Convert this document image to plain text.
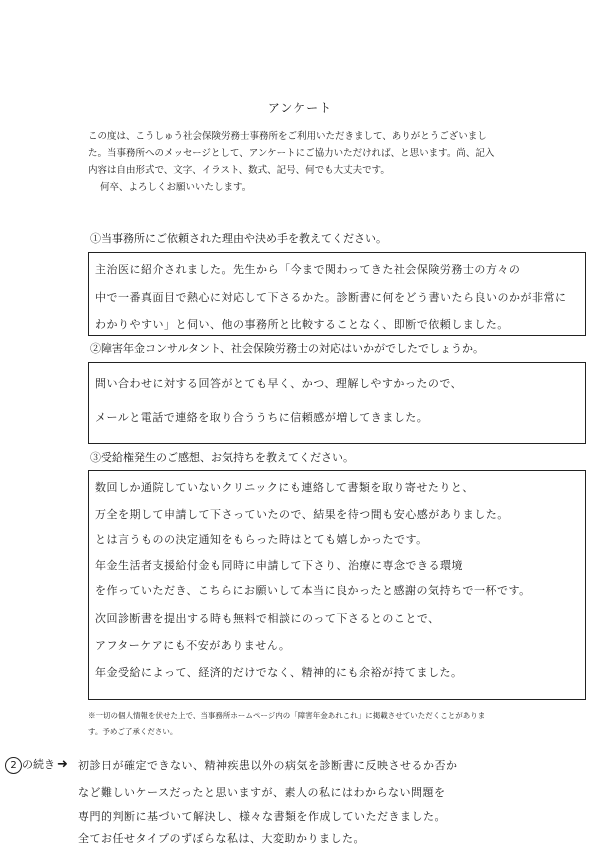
アンケート

この度は、こうしゅう社会保険労務士事務所をご利用いただきまして、ありがとうございまし

た。当事務所へのメッセージとして、アンケートにご協力いただければ、と思います。尚、記入

内容は自由形式で、文字、イラスト、数式、記号、何でも大丈夫です。

何卒、よろしくお願いいたします。

①当事務所にご依頼された理由や決め手を教えてください。
主治医に紹介されました。先生から「今まで関わってきた社会保険労務士の方々の
中で一番真面目で熱心に対応して下さるかた。診断書に何をどう書いたら良いのかが非常に
わかりやすい」と伺い、他の事務所と比較することなく、即断で依頼しました。
②障害年金コンサルタント、社会保険労務士の対応はいかがでしたでしょうか。
問い合わせに対する回答がとても早く、かつ、理解しやすかったので、
メールと電話で連絡を取り合ううちに信頼感が増してきました。
③受給権発生のご感想、お気持ちを教えてください。
数回しか通院していないクリニックにも連絡して書類を取り寄せたりと、
万全を期して申請して下さっていたので、結果を待つ間も安心感がありました。
とは言うものの決定通知をもらった時はとても嬉しかったです。
年金生活者支援給付金も同時に申請して下さり、治療に専念できる環境
を作っていただき、こちらにお願いして本当に良かったと感謝の気持ちで一杯です。
次回診断書を提出する時も無料で相談にのって下さるとのことで、
アフターケアにも不安がありません。
年金受給によって、経済的だけでなく、精神的にも余裕が持てました。
※一切の個人情報を伏せた上で、当事務所ホームページ内の「障害年金あれこれ」に掲載させていただくことがありま
す。予めご了承ください。
2 の続き ➜ 初診日が確定できない、精神疾患以外の病気を診断書に反映させるか否か
など難しいケースだったと思いますが、素人の私にはわからない問題を
専門的判断に基づいて解決し、様々な書類を作成していただきました。
全てお任せタイプのずぼらな私は、大変助かりました。
